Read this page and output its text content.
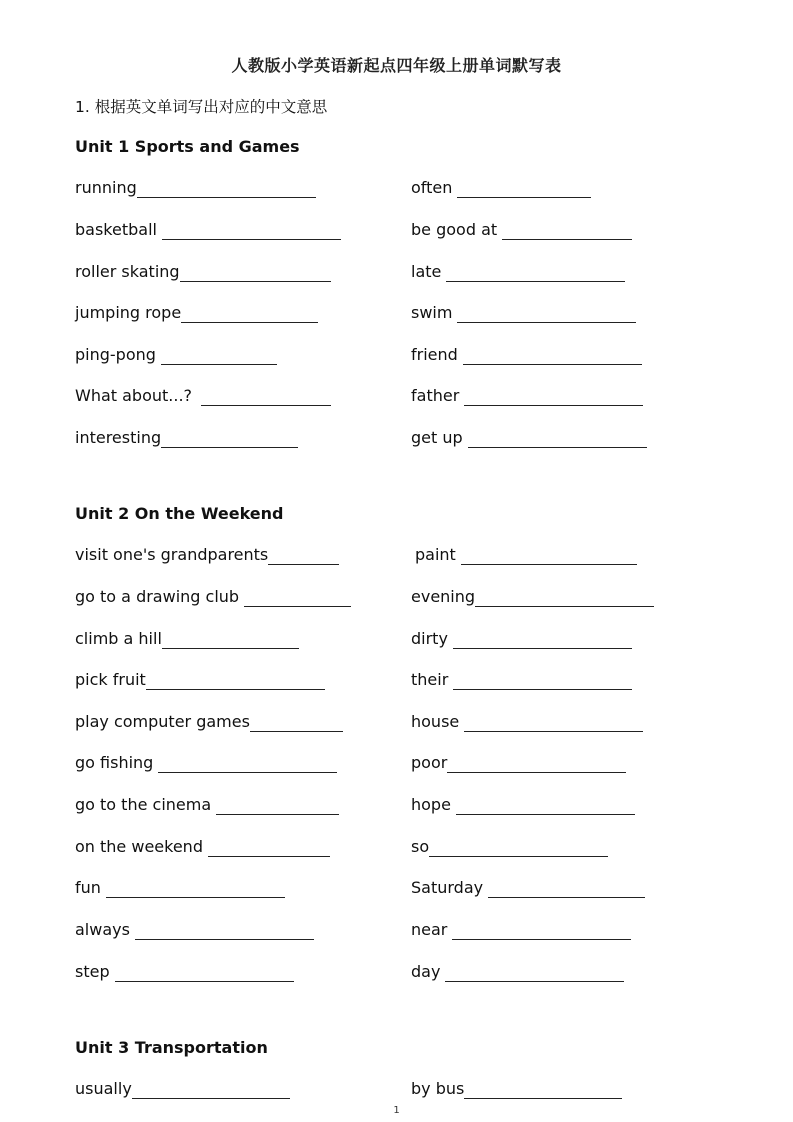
人教版小学英语新起点四年级上册单词默写表
1. 根据英文单词写出对应的中文意思
Unit 1 Sports and Games
running	often
basketball	be good at
roller skating	late
jumping rope	swim
ping-pong	friend
What about...?	father
interesting	get up
Unit 2 On the Weekend
visit one's grandparents	paint
go to a drawing club	evening
climb a hill	dirty
pick fruit	their
play computer games	house
go fishing	poor
go to the cinema	hope
on the weekend	so
fun	Saturday
always	near
step	day
Unit 3 Transportation
usually	by bus
1
